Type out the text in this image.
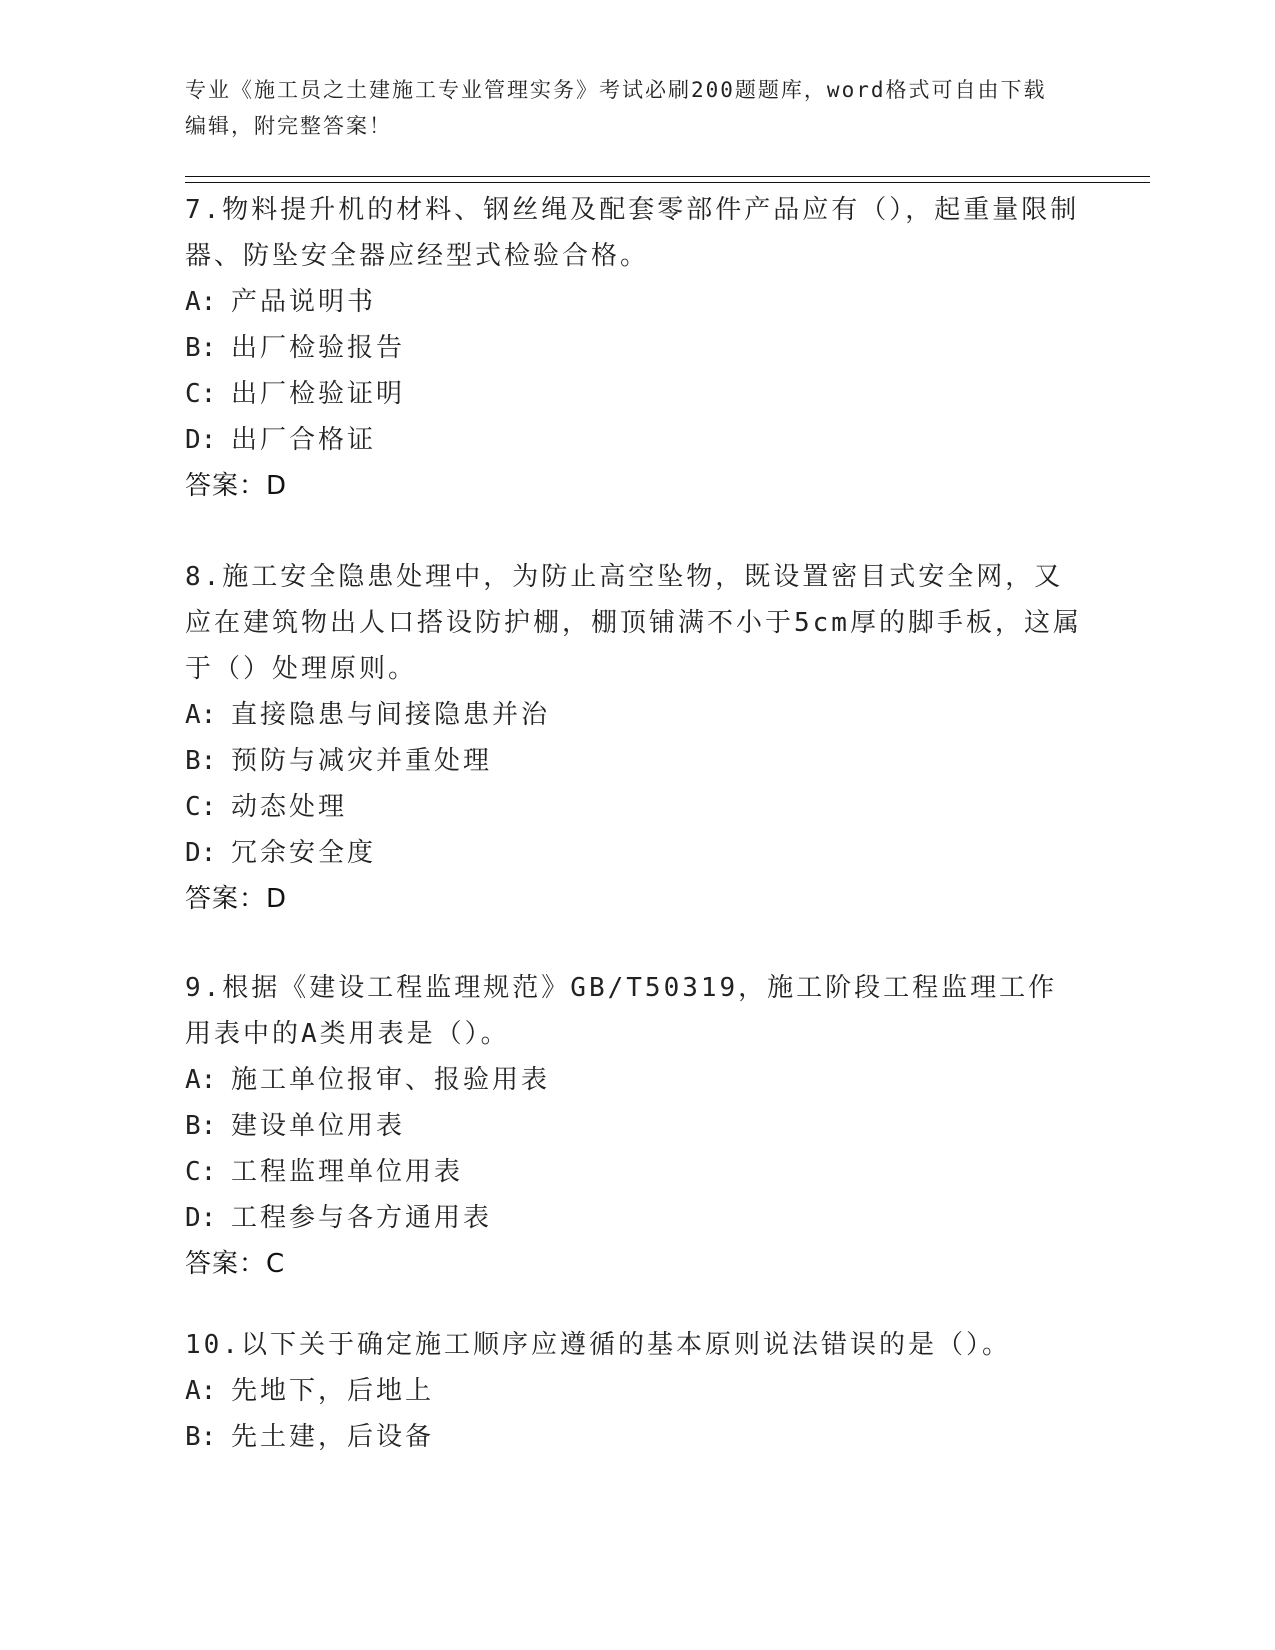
专业《施工员之土建施工专业管理实务》考试必刷200题题库，word格式可自由下载编辑，附完整答案！

7.物料提升机的材料、钢丝绳及配套零部件产品应有（），起重量限制器、防坠安全器应经型式检验合格。

A: 产品说明书

B: 出厂检验报告

C: 出厂检验证明

D: 出厂合格证

答案：D

8.施工安全隐患处理中，为防止高空坠物，既设置密目式安全网，又应在建筑物出人口搭设防护棚，棚顶铺满不小于5cm厚的脚手板，这属于（）处理原则。

A: 直接隐患与间接隐患并治

B: 预防与减灾并重处理

C: 动态处理

D: 冗余安全度

答案：D

9.根据《建设工程监理规范》GB/T50319，施工阶段工程监理工作用表中的A类用表是（）。

A: 施工单位报审、报验用表

B: 建设单位用表

C: 工程监理单位用表

D: 工程参与各方通用表

答案：C

10.以下关于确定施工顺序应遵循的基本原则说法错误的是（）。

A: 先地下，后地上

B: 先土建，后设备
